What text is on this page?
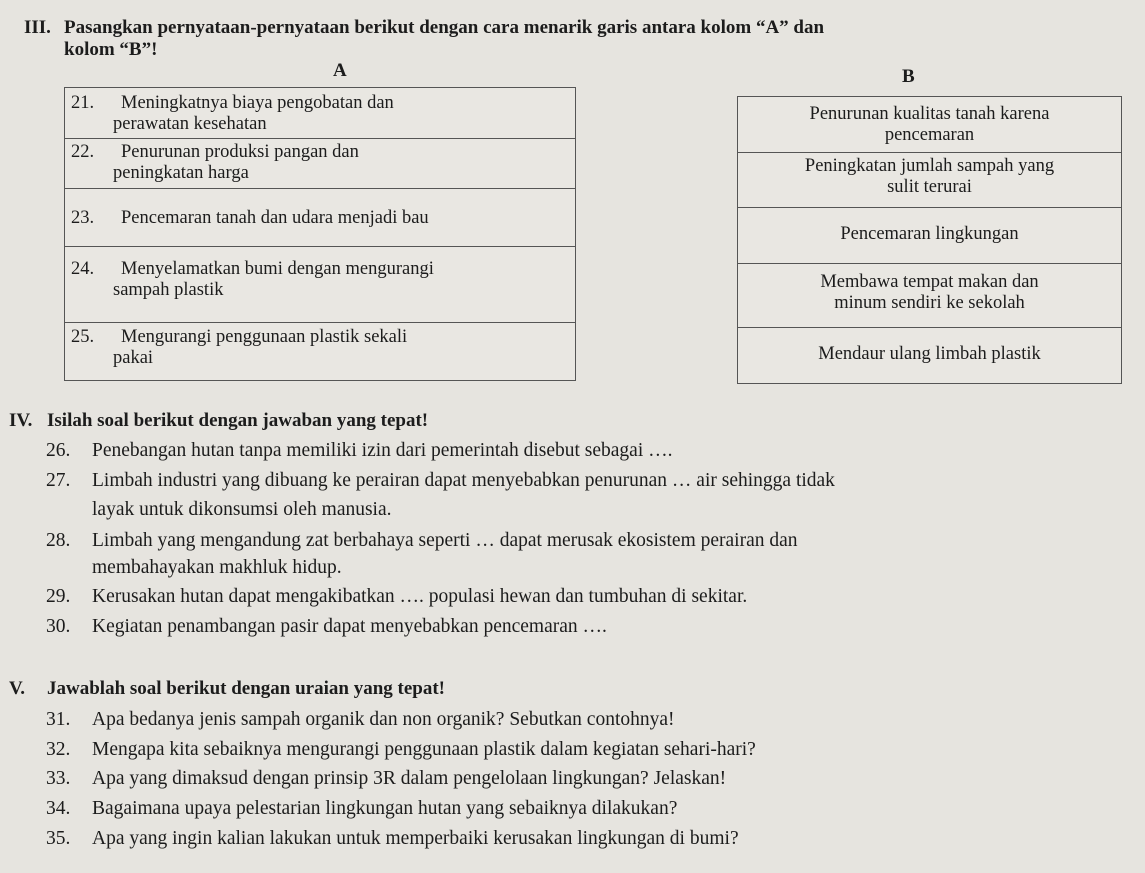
III. Pasangkan pernyataan-pernyataan berikut dengan cara menarik garis antara kolom “A” dan
kolom “B”!
A	B
21. Meningkatnya biaya pengobatan dan
perawatan kesehatan
22. Penurunan produksi pangan dan
peningkatan harga
23. Pencemaran tanah dan udara menjadi bau
24. Menyelamatkan bumi dengan mengurangi
sampah plastik
25. Mengurangi penggunaan plastik sekali
pakai
Penurunan kualitas tanah karena
pencemaran
Peningkatan jumlah sampah yang
sulit terurai
Pencemaran lingkungan
Membawa tempat makan dan
minum sendiri ke sekolah
Mendaur ulang limbah plastik
IV. Isilah soal berikut dengan jawaban yang tepat!
26. Penebangan hutan tanpa memiliki izin dari pemerintah disebut sebagai ….
27. Limbah industri yang dibuang ke perairan dapat menyebabkan penurunan … air sehingga tidak
layak untuk dikonsumsi oleh manusia.
28. Limbah yang mengandung zat berbahaya seperti … dapat merusak ekosistem perairan dan
membahayakan makhluk hidup.
29. Kerusakan hutan dapat mengakibatkan …. populasi hewan dan tumbuhan di sekitar.
30. Kegiatan penambangan pasir dapat menyebabkan pencemaran ….
V. Jawablah soal berikut dengan uraian yang tepat!
31. Apa bedanya jenis sampah organik dan non organik? Sebutkan contohnya!
32. Mengapa kita sebaiknya mengurangi penggunaan plastik dalam kegiatan sehari-hari?
33. Apa yang dimaksud dengan prinsip 3R dalam pengelolaan lingkungan? Jelaskan!
34. Bagaimana upaya pelestarian lingkungan hutan yang sebaiknya dilakukan?
35. Apa yang ingin kalian lakukan untuk memperbaiki kerusakan lingkungan di bumi?
